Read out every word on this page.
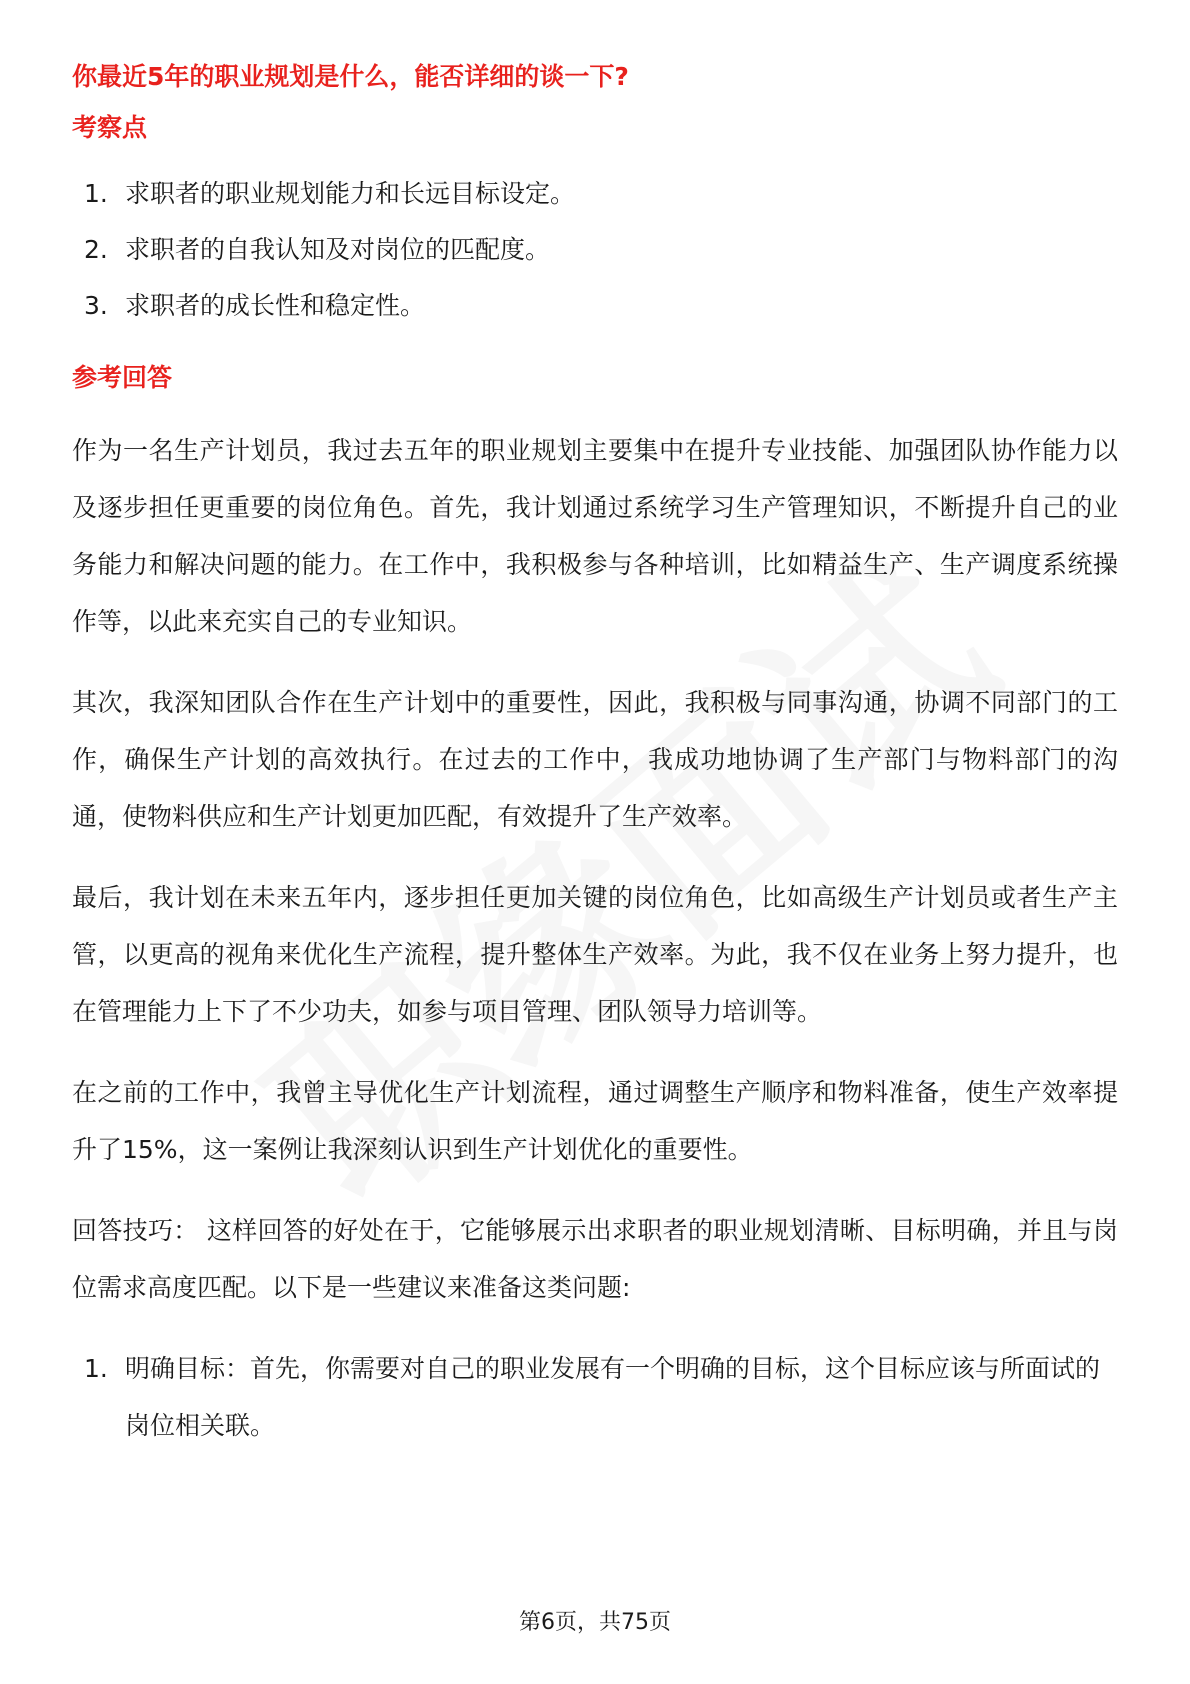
你最近5年的职业规划是什么，能否详细的谈一下?
考察点
1. 求职者的职业规划能力和长远目标设定。
2. 求职者的自我认知及对岗位的匹配度。
3. 求职者的成长性和稳定性。
参考回答

作为一名生产计划员，我过去五年的职业规划主要集中在提升专业技能、加强团队协作能力以及逐步担任更重要的岗位角色。首先，我计划通过系统学习生产管理知识，不断提升自己的业务能力和解决问题的能力。在工作中，我积极参与各种培训，比如精益生产、生产调度系统操作等，以此来充实自己的专业知识。

其次，我深知团队合作在生产计划中的重要性，因此，我积极与同事沟通，协调不同部门的工作，确保生产计划的高效执行。在过去的工作中，我成功地协调了生产部门与物料部门的沟通，使物料供应和生产计划更加匹配，有效提升了生产效率。

最后，我计划在未来五年内，逐步担任更加关键的岗位角色，比如高级生产计划员或者生产主管，以更高的视角来优化生产流程，提升整体生产效率。为此，我不仅在业务上努力提升，也在管理能力上下了不少功夫，如参与项目管理、团队领导力培训等。

在之前的工作中，我曾主导优化生产计划流程，通过调整生产顺序和物料准备，使生产效率提升了15%，这一案例让我深刻认识到生产计划优化的重要性。

回答技巧： 这样回答的好处在于，它能够展示出求职者的职业规划清晰、目标明确，并且与岗位需求高度匹配。以下是一些建议来准备这类问题:

1. 明确目标：首先，你需要对自己的职业发展有一个明确的目标，这个目标应该与所面试的岗位相关联。
第6页，共75页
